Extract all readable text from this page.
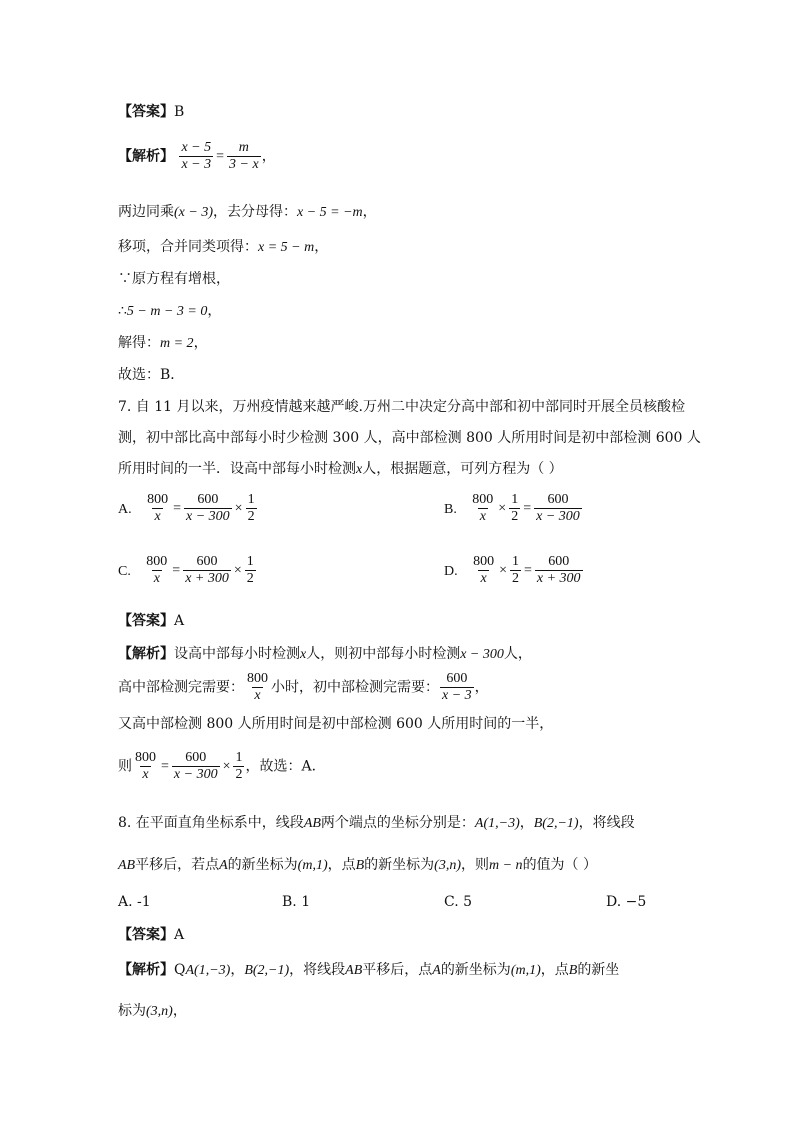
【答案】B
【解析】 $\frac{x - 5}{x - 3} = \frac{m}{3 - x}$ ，
两边同乘(x − 3)，去分母得：x − 5 = −m，
移项，合并同类项得：x = 5 − m，
∵原方程有增根，
∴5 − m − 3 = 0，
解得：m = 2，
故选：B．
7. 自 11 月以来，万州疫情越来越严峻.万州二中决定分高中部和初中部同时开展全员核酸检
测，初中部比高中部每小时少检测 300 人，高中部检测 800 人所用时间是初中部检测 600 人
所用时间的一半．设高中部每小时检测x人，根据题意，可列方程为（ ）
A. $\frac{800}{x} = \frac{600}{x - 300} \times \frac{1}{2}$	B. $\frac{800}{x} \times \frac{1}{2} = \frac{600}{x - 300}$
C. $\frac{800}{x} = \frac{600}{x + 300} \times \frac{1}{2}$	D. $\frac{800}{x} \times \frac{1}{2} = \frac{600}{x + 300}$
【答案】A
【解析】设高中部每小时检测x人，则初中部每小时检测x − 300人，
高中部检测完需要： $\frac{800}{x}$ 小时，初中部检测完需要： $\frac{600}{x - 3}$ ，
又高中部检测 800 人所用时间是初中部检测 600 人所用时间的一半，
则 $\frac{800}{x} = \frac{600}{x - 300} \times \frac{1}{2}$ ，故选：A．
8. 在平面直角坐标系中，线段AB两个端点的坐标分别是：A(1,−3)，B(2,−1)，将线段
AB平移后，若点A的新坐标为(m,1)，点B的新坐标为(3,n)，则m − n的值为（ ）
A. -1	B. 1	C. 5	D. −5
【答案】A
【解析】QA(1,−3)，B(2,−1)，将线段AB平移后，点A的新坐标为(m,1)，点B的新坐
标为(3,n)，
